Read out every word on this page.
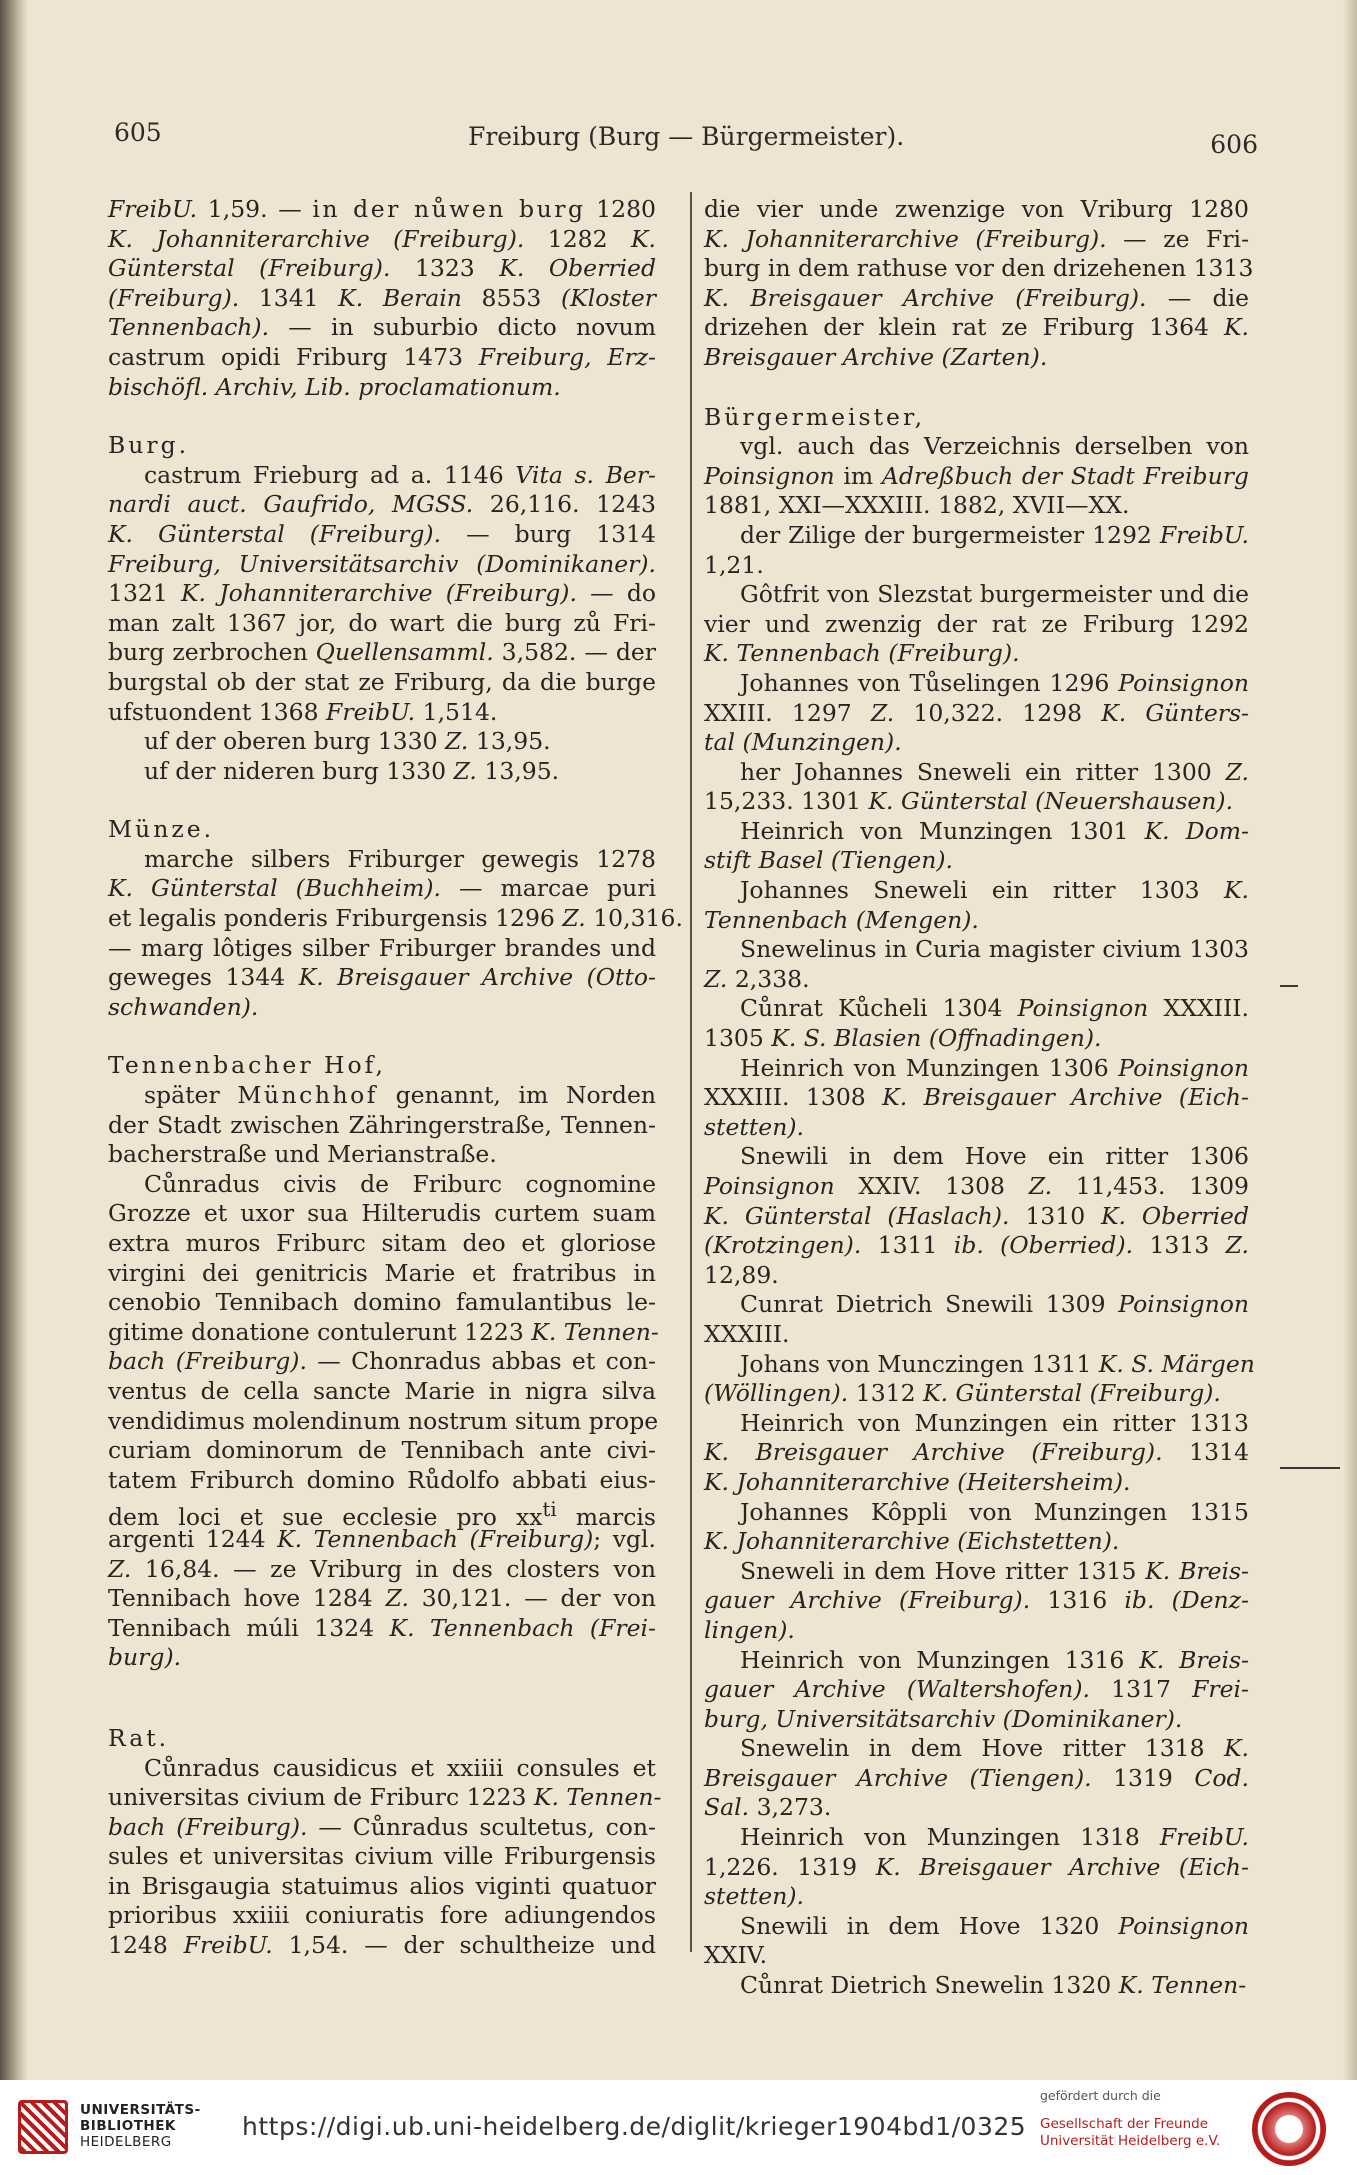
605	Freiburg (Burg — Bürgermeister).	606
FreibU. 1,59. — in der nůwen burg 1280
K. Johanniterarchive (Freiburg). 1282 K.
Günterstal (Freiburg). 1323 K. Oberried
(Freiburg). 1341 K. Berain 8553 (Kloster
Tennenbach). — in suburbio dicto novum
castrum opidi Friburg 1473 Freiburg, Erz-
bischöfl. Archiv, Lib. proclamationum.
Burg.
castrum Frieburg ad a. 1146 Vita s. Ber-
nardi auct. Gaufrido, MGSS. 26,116. 1243
K. Günterstal (Freiburg). — burg 1314
Freiburg, Universitätsarchiv (Dominikaner).
1321 K. Johanniterarchive (Freiburg). — do
man zalt 1367 jor, do wart die burg zů Fri-
burg zerbrochen Quellensamml. 3,582. — der
burgstal ob der stat ze Friburg, da die burge
ufstuondent 1368 FreibU. 1,514.
uf der oberen burg 1330 Z. 13,95.
uf der nideren burg 1330 Z. 13,95.
Münze.
marche silbers Friburger gewegis 1278
K. Günterstal (Buchheim). — marcae puri
et legalis ponderis Friburgensis 1296 Z. 10,316.
— marg lôtiges silber Friburger brandes und
geweges 1344 K. Breisgauer Archive (Otto-
schwanden).
Tennenbacher Hof,
später Münchhof genannt, im Norden
der Stadt zwischen Zähringerstraße, Tennen-
bacherstraße und Merianstraße.
Cůnradus civis de Friburc cognomine
Grozze et uxor sua Hilterudis curtem suam
extra muros Friburc sitam deo et gloriose
virgini dei genitricis Marie et fratribus in
cenobio Tennibach domino famulantibus le-
gitime donatione contulerunt 1223 K. Tennen-
bach (Freiburg). — Chonradus abbas et con-
ventus de cella sancte Marie in nigra silva
vendidimus molendinum nostrum situm prope
curiam dominorum de Tennibach ante civi-
tatem Friburch domino Růdolfo abbati eius-
dem loci et sue ecclesie pro $xx^{ti}$ marcis
argenti 1244 K. Tennenbach (Freiburg); vgl.
Z. 16,84. — ze Vriburg in des closters von
Tennibach hove 1284 Z. 30,121. — der von
Tennibach múli 1324 K. Tennenbach (Frei-
burg).
Rat.
Cůnradus causidicus et xxiiii consules et
universitas civium de Friburc 1223 K. Tennen-
bach (Freiburg). — Cůnradus scultetus, con-
sules et universitas civium ville Friburgensis
in Brisgaugia statuimus alios viginti quatuor
prioribus xxiiii coniuratis fore adiungendos
1248 FreibU. 1,54. — der schultheize und
die vier unde zwenzige von Vriburg 1280
K. Johanniterarchive (Freiburg). — ze Fri-
burg in dem rathuse vor den drizehenen 1313
K. Breisgauer Archive (Freiburg). — die
drizehen der klein rat ze Friburg 1364 K.
Breisgauer Archive (Zarten).
Bürgermeister,
vgl. auch das Verzeichnis derselben von
Poinsignon im Adreßbuch der Stadt Freiburg
1881, XXI—XXXIII. 1882, XVII—XX.
der Zilige der burgermeister 1292 FreibU.
1,21.
Gôtfrit von Slezstat burgermeister und die
vier und zwenzig der rat ze Friburg 1292
K. Tennenbach (Freiburg).
Johannes von Tůselingen 1296 Poinsignon
XXIII. 1297 Z. 10,322. 1298 K. Günters-
tal (Munzingen).
her Johannes Sneweli ein ritter 1300 Z.
15,233. 1301 K. Günterstal (Neuershausen).
Heinrich von Munzingen 1301 K. Dom-
stift Basel (Tiengen).
Johannes Sneweli ein ritter 1303 K.
Tennenbach (Mengen).
Snewelinus in Curia magister civium 1303
Z. 2,338.
Cůnrat Kůcheli 1304 Poinsignon XXXIII.
1305 K. S. Blasien (Offnadingen).
Heinrich von Munzingen 1306 Poinsignon
XXXIII. 1308 K. Breisgauer Archive (Eich-
stetten).
Snewili in dem Hove ein ritter 1306
Poinsignon XXIV. 1308 Z. 11,453. 1309
K. Günterstal (Haslach). 1310 K. Oberried
(Krotzingen). 1311 ib. (Oberried). 1313 Z.
12,89.
Cunrat Dietrich Snewili 1309 Poinsignon
XXXIII.
Johans von Munczingen 1311 K. S. Märgen
(Wöllingen). 1312 K. Günterstal (Freiburg).
Heinrich von Munzingen ein ritter 1313
K. Breisgauer Archive (Freiburg). 1314
K. Johanniterarchive (Heitersheim).
Johannes Kôppli von Munzingen 1315
K. Johanniterarchive (Eichstetten).
Sneweli in dem Hove ritter 1315 K. Breis-
gauer Archive (Freiburg). 1316 ib. (Denz-
lingen).
Heinrich von Munzingen 1316 K. Breis-
gauer Archive (Waltershofen). 1317 Frei-
burg, Universitätsarchiv (Dominikaner).
Snewelin in dem Hove ritter 1318 K.
Breisgauer Archive (Tiengen). 1319 Cod.
Sal. 3,273.
Heinrich von Munzingen 1318 FreibU.
1,226. 1319 K. Breisgauer Archive (Eich-
stetten).
Snewili in dem Hove 1320 Poinsignon
XXIV.
Cůnrat Dietrich Snewelin 1320 K. Tennen-
UNIVERSITÄTS-
BIBLIOTHEK
HEIDELBERG
https://digi.ub.uni-heidelberg.de/diglit/krieger1904bd1/0325
gefördert durch die
Gesellschaft der Freunde
Universität Heidelberg e.V.
